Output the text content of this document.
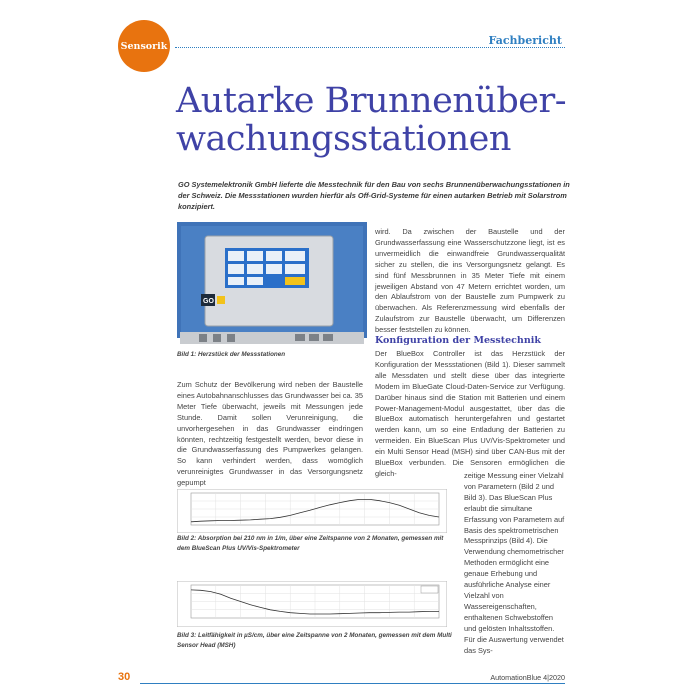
Sensorik	Fachbericht
Autarke Brunnenüber-
wachungsstationen
GO Systemelektronik GmbH lieferte die Messtechnik für den Bau von sechs Brunnenüberwachungsstationen in der Schweiz. Die Messstationen wurden hierfür als Off-Grid-Systeme für einen autarken Betrieb mit Solarstrom konzipiert.
GO
Bild 1: Herzstück der Messstationen
wird. Da zwischen der Baustelle und der Grundwasserfassung eine Wasserschutzzone liegt, ist es unvermeidlich die einwandfreie Grundwasserqualität sicher zu stellen, die ins Versorgungsnetz gelangt. Es sind fünf Messbrunnen in 35 Meter Tiefe mit einem jeweiligen Abstand von 47 Metern errichtet worden, um den Ablaufstrom von der Baustelle zum Pumpwerk zu überwachen. Als Referenzmessung wird ebenfalls der Zulaufstrom zur Baustelle überwacht, um Differenzen besser feststellen zu können.
Konfiguration der Messtechnik
Der BlueBox Controller ist das Herzstück der Konfiguration der Messstationen (Bild 1). Dieser sammelt alle Messdaten und stellt diese über das integrierte Modem im BlueGate Cloud-Daten-Service zur Verfügung. Darüber hinaus sind die Station mit Batterien und einem Power-Management-Modul ausgestattet, über das die BlueBox automatisch heruntergefahren und gestartet werden kann, um so eine Entladung der Batterien zu vermeiden. Ein BlueScan Plus UV/Vis-Spektrometer und ein Multi Sensor Head (MSH) sind über CAN-Bus mit der BlueBox verbunden. Die Sensoren ermöglichen die gleich-
Zum Schutz der Bevölkerung wird neben der Baustelle eines Autobahnanschlusses das Grundwasser bei ca. 35 Meter Tiefe überwacht, jeweils mit Messungen jede Stunde. Damit sollen Verunreinigung, die unvorhergesehen in das Grundwasser eindringen könnten, rechtzeitig festgestellt werden, bevor diese in die Grundwasserfassung des Pumpwerkes gelangen. So kann verhindert werden, dass womöglich verunreinigtes Grundwasser in das Versorgungsnetz gepumpt
Bild 2: Absorption bei 210 nm in 1/m, über eine Zeitspanne von 2 Monaten, gemessen mit dem BlueScan Plus UV/Vis-Spektrometer
Bild 3: Leitfähigkeit in µS/cm, über eine Zeitspanne von 2 Monaten, gemessen mit dem Multi Sensor Head (MSH)
zeitige Messung einer Vielzahl von Parametern (Bild 2 und Bild 3). Das BlueScan Plus erlaubt die simultane Erfassung von Parametern auf Basis des spektrometrischen Messprinzips (Bild 4). Die Verwendung chemometrischer Methoden ermöglicht eine genaue Erhebung und ausführliche Analyse einer Vielzahl von Wassereigenschaften, enthaltenen Schwebstoffen und gelösten Inhaltsstoffen. Für die Auswertung verwendet das Sys-
30	AutomationBlue 4|2020
